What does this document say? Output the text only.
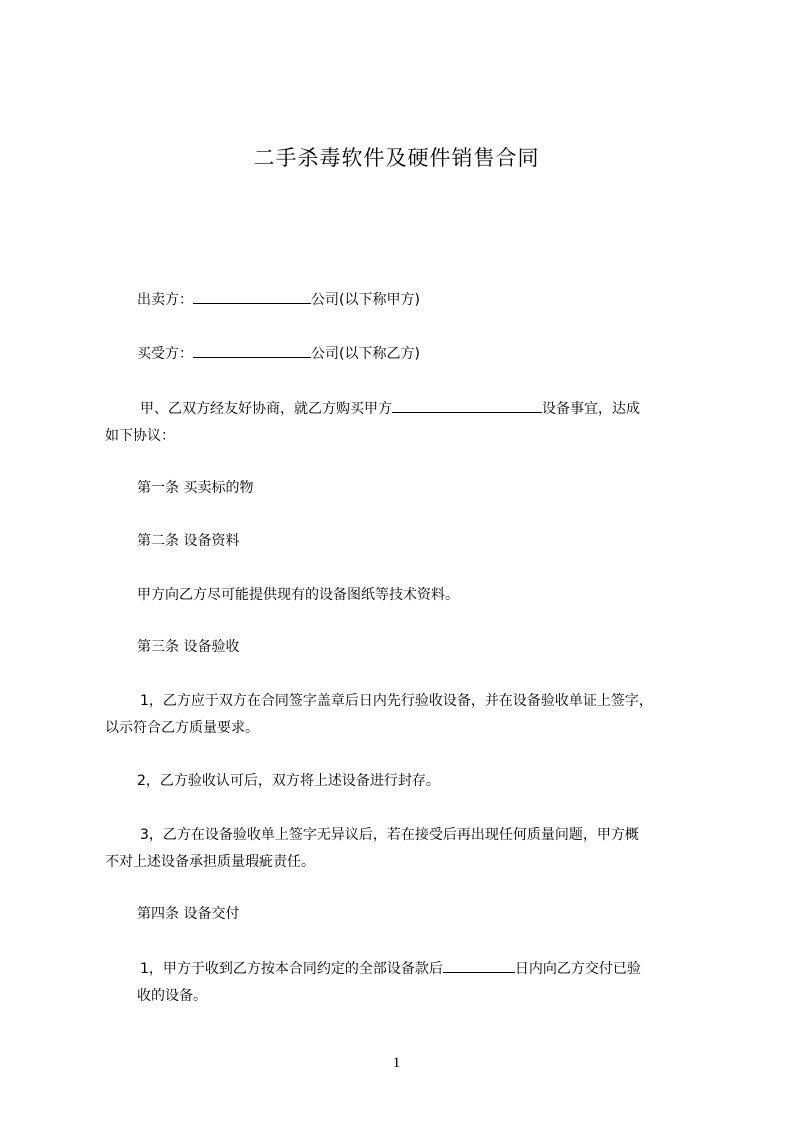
二手杀毒软件及硬件销售合同

出卖方：	公司(以下称甲方)

买受方：	公司(以下称乙方)

甲、乙双方经友好协商，就乙方购买甲方	设备事宜，达成

如下协议：

第一条 买卖标的物

第二条 设备资料

甲方向乙方尽可能提供现有的设备图纸等技术资料。

第三条 设备验收

1，乙方应于双方在合同签字盖章后日内先行验收设备，并在设备验收单证上签字，

以示符合乙方质量要求。

2，乙方验收认可后，双方将上述设备进行封存。

3，乙方在设备验收单上签字无异议后，若在接受后再出现任何质量问题，甲方概

不对上述设备承担质量瑕疵责任。

第四条 设备交付

1，甲方于收到乙方按本合同约定的全部设备款后	日内向乙方交付已验

收的设备。

1
